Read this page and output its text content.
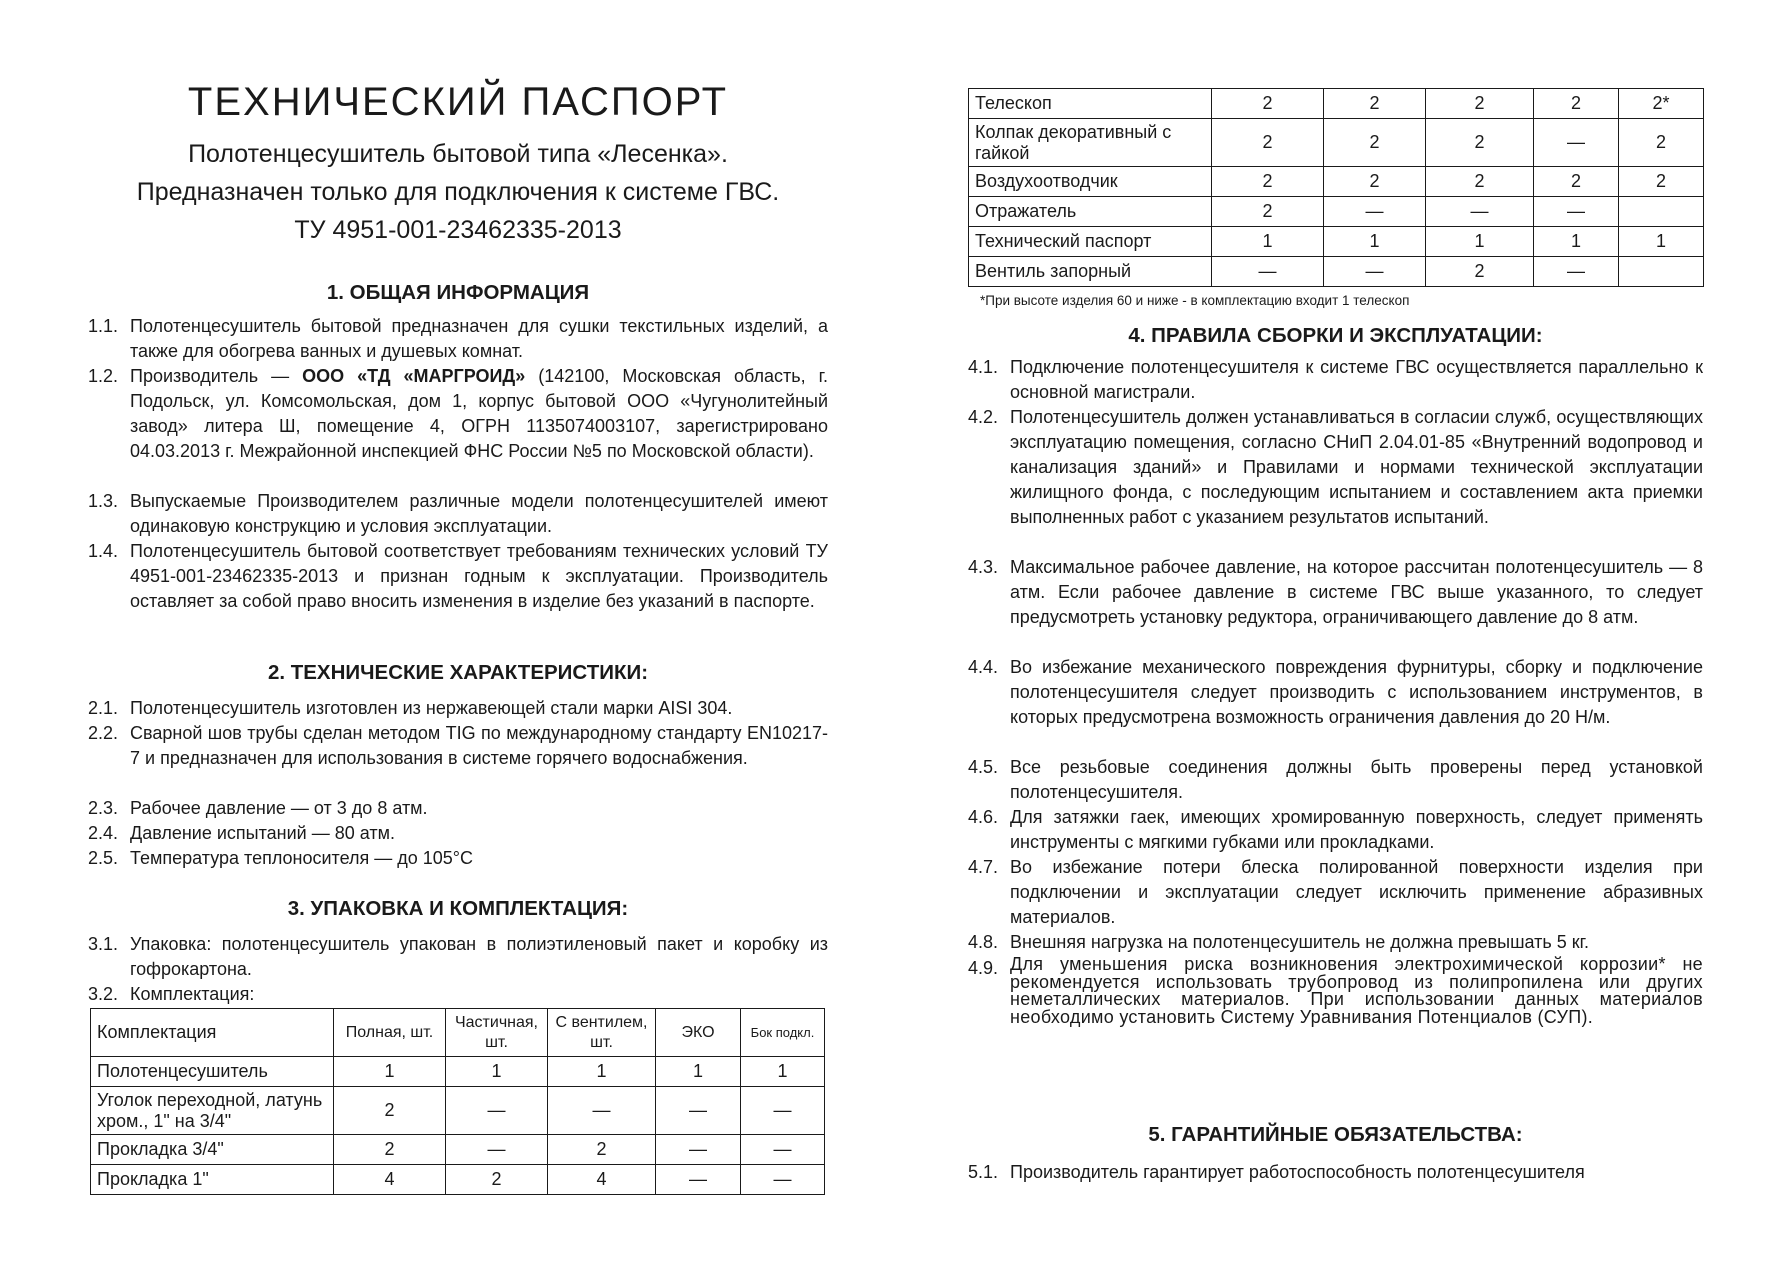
ТЕХНИЧЕСКИЙ ПАСПОРТ
Полотенцесушитель бытовой типа «Лесенка».
Предназначен только для подключения к системе ГВС.
ТУ 4951-001-23462335-2013
1. ОБЩАЯ ИНФОРМАЦИЯ
1.1. Полотенцесушитель бытовой предназначен для сушки текстильных изделий, а также для обогрева ванных и душевых комнат.
1.2. Производитель — ООО «ТД «МАРГРОИД» (142100, Московская область, г. Подольск, ул. Комсомольская, дом 1, корпус бытовой ООО «Чугунолитейный завод» литера Ш, помещение 4, ОГРН 1135074003107, зарегистрировано 04.03.2013 г. Межрайонной инспекцией ФНС России №5 по Московской области).
1.3. Выпускаемые Производителем различные модели полотенцесушителей имеют одинаковую конструкцию и условия эксплуатации.
1.4. Полотенцесушитель бытовой соответствует требованиям технических условий ТУ 4951-001-23462335-2013 и признан годным к эксплуатации. Производитель оставляет за собой право вносить изменения в изделие без указаний в паспорте.
2. ТЕХНИЧЕСКИЕ ХАРАКТЕРИСТИКИ:
2.1. Полотенцесушитель изготовлен из нержавеющей стали марки AISI 304.
2.2. Сварной шов трубы сделан методом TIG по международному стандарту EN10217-7 и предназначен для использования в системе горячего водоснабжения.
2.3. Рабочее давление — от 3 до 8 атм.
2.4. Давление испытаний — 80 атм.
2.5. Температура теплоносителя — до 105°С
3. УПАКОВКА И КОМПЛЕКТАЦИЯ:
3.1. Упаковка: полотенцесушитель упакован в полиэтиленовый пакет и коробку из гофрокартона.
3.2. Комплектация:
Комплектация	Полная, шт.	Частичная, шт.	С вентилем, шт.	ЭКО	Бок подкл.
Полотенцесушитель	1	1	1	1	1
Уголок переходной, латунь хром., 1" на 3/4"	2	—	—	—	—
Прокладка 3/4"	2	—	2	—	—
Прокладка 1"	4	2	4	—	—
Телескоп	2	2	2	2	2*
Колпак декоративный с гайкой	2	2	2	—	2
Воздухоотводчик	2	2	2	2	2
Отражатель	2	—	—	—	
Технический паспорт	1	1	1	1	1
Вентиль запорный	—	—	2	—	
*При высоте изделия 60 и ниже - в комплектацию входит 1 телескоп
4. ПРАВИЛА СБОРКИ И ЭКСПЛУАТАЦИИ:
4.1. Подключение полотенцесушителя к системе ГВС осуществляется параллельно к основной магистрали.
4.2. Полотенцесушитель должен устанавливаться в согласии служб, осуществляющих эксплуатацию помещения, согласно СНиП 2.04.01-85 «Внутренний водопровод и канализация зданий» и Правилами и нормами технической эксплуатации жилищного фонда, с последующим испытанием и составлением акта приемки выполненных работ с указанием результатов испытаний.
4.3. Максимальное рабочее давление, на которое рассчитан полотенцесушитель — 8 атм. Если рабочее давление в системе ГВС выше указанного, то следует предусмотреть установку редуктора, ограничивающего давление до 8 атм.
4.4. Во избежание механического повреждения фурнитуры, сборку и подключение полотенцесушителя следует производить с использованием инструментов, в которых предусмотрена возможность ограничения давления до 20 Н/м.
4.5. Все резьбовые соединения должны быть проверены перед установкой полотенцесушителя.
4.6. Для затяжки гаек, имеющих хромированную поверхность, следует применять инструменты с мягкими губками или прокладками.
4.7. Во избежание потери блеска полированной поверхности изделия при подключении и эксплуатации следует исключить применение абразивных материалов.
4.8. Внешняя нагрузка на полотенцесушитель не должна превышать 5 кг.
4.9. Для уменьшения риска возникновения электрохимической коррозии* не рекомендуется использовать трубопровод из полипропилена или других неметаллических материалов. При использовании данных материалов необходимо установить Систему Уравнивания Потенциалов (СУП).
5. ГАРАНТИЙНЫЕ ОБЯЗАТЕЛЬСТВА:
5.1. Производитель гарантирует работоспособность полотенцесушителя
